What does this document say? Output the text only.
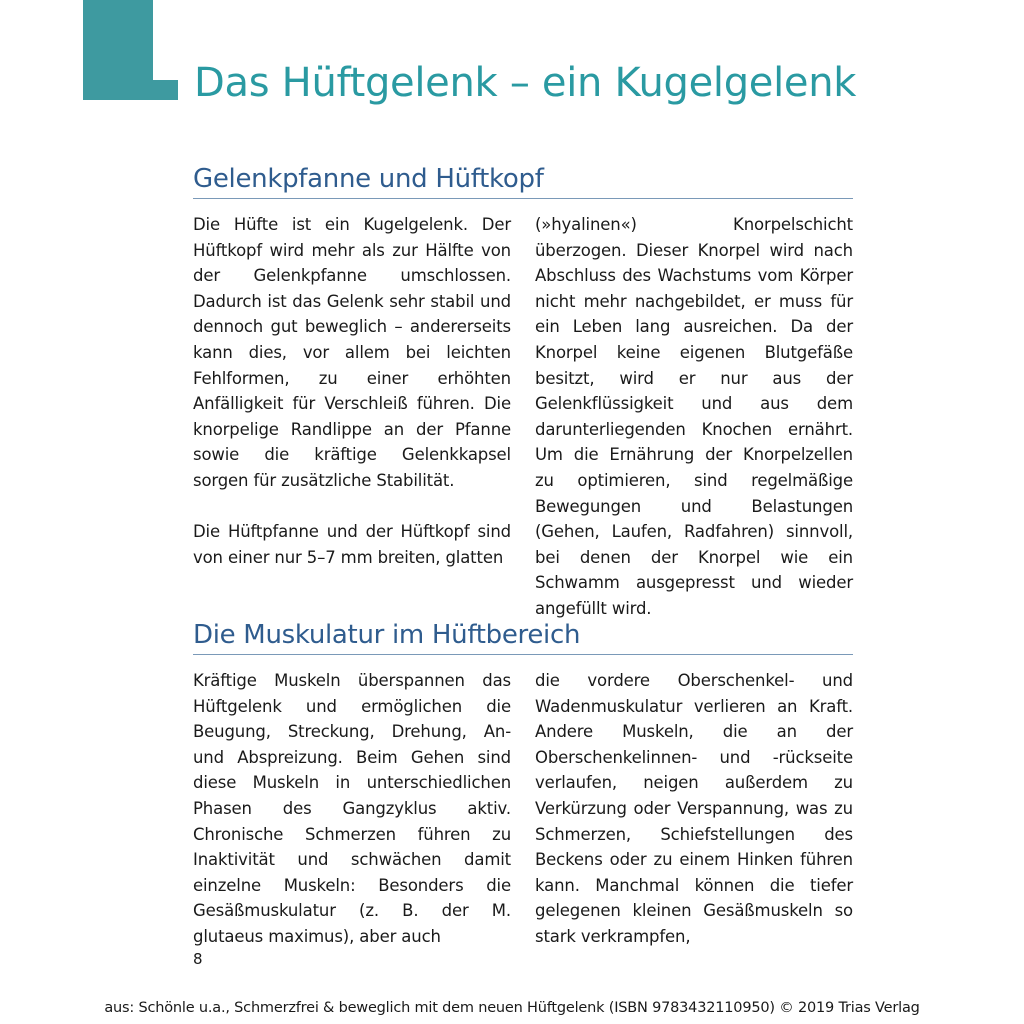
Das Hüftgelenk – ein Kugelgelenk
Gelenkpfanne und Hüftkopf

Die Hüfte ist ein Kugelgelenk. Der Hüftkopf wird mehr als zur Hälfte von der Gelenkpfanne umschlossen. Dadurch ist das Gelenk sehr stabil und dennoch gut beweglich – andererseits kann dies, vor allem bei leichten Fehlformen, zu einer erhöhten Anfälligkeit für Verschleiß führen. Die knorpelige Randlippe an der Pfanne sowie die kräftige Gelenkkapsel sorgen für zusätzliche Stabilität.

Die Hüftpfanne und der Hüftkopf sind von einer nur 5–7 mm breiten, glatten

(»hyalinen«) Knorpelschicht überzogen. Dieser Knorpel wird nach Abschluss des Wachstums vom Körper nicht mehr nachgebildet, er muss für ein Leben lang ausreichen. Da der Knorpel keine eigenen Blutgefäße besitzt, wird er nur aus der Gelenkflüssigkeit und aus dem darunterliegenden Knochen ernährt. Um die Ernährung der Knorpelzellen zu optimieren, sind regelmäßige Bewegungen und Belastungen (Gehen, Laufen, Radfahren) sinnvoll, bei denen der Knorpel wie ein Schwamm ausgepresst und wieder angefüllt wird.

Die Muskulatur im Hüftbereich

Kräftige Muskeln überspannen das Hüftgelenk und ermöglichen die Beugung, Streckung, Drehung, An- und Abspreizung. Beim Gehen sind diese Muskeln in unterschiedlichen Phasen des Gangzyklus aktiv. Chronische Schmerzen führen zu Inaktivität und schwächen damit einzelne Muskeln: Besonders die Gesäßmuskulatur (z. B. der M. glutaeus maximus), aber auch

die vordere Oberschenkel- und Wadenmuskulatur verlieren an Kraft. Andere Muskeln, die an der Oberschenkelinnen- und -rückseite verlaufen, neigen außerdem zu Verkürzung oder Verspannung, was zu Schmerzen, Schiefstellungen des Beckens oder zu einem Hinken führen kann. Manchmal können die tiefer gelegenen kleinen Gesäßmuskeln so stark verkrampfen,

8
aus: Schönle u.a., Schmerzfrei & beweglich mit dem neuen Hüftgelenk (ISBN 9783432110950) © 2019 Trias Verlag
